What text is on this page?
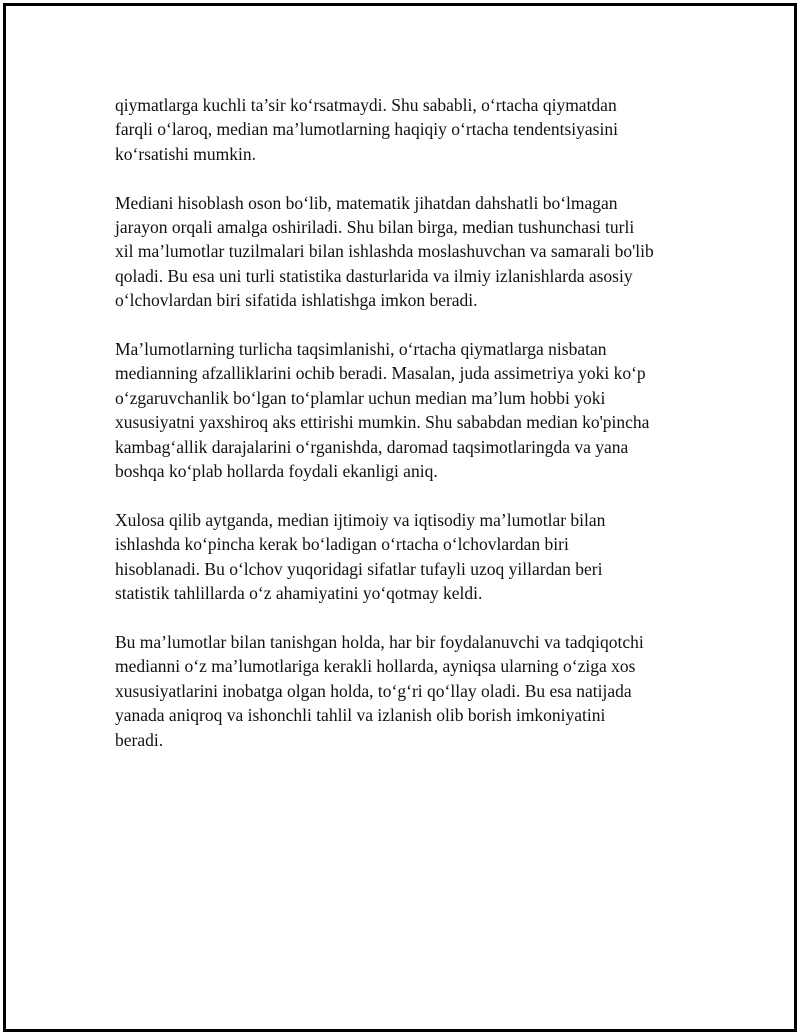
qiymatlarga kuchli ta’sir ko‘rsatmaydi. Shu sababli, o‘rtacha qiymatdan
farqli o‘laroq, median ma’lumotlarning haqiqiy o‘rtacha tendentsiyasini
ko‘rsatishi mumkin.

Medianі hisoblash oson bo‘lib, matematik jihatdan dahshatli bo‘lmagan
jarayon orqali amalga oshiriladi. Shu bilan birga, median tushunchasi turli
xil ma’lumotlar tuzilmalari bilan ishlashda moslashuvchan va samarali bo'lib
qoladi. Bu esa uni turli statistika dasturlarida va ilmiy izlanishlarda asosiy
o‘lchovlardan biri sifatida ishlatishga imkon beradi.

Ma’lumotlarning turlicha taqsimlanishi, o‘rtacha qiymatlarga nisbatan
medianning afzalliklarini ochib beradi. Masalan, juda assimetriya yoki ko‘p
o‘zgaruvchanlik bo‘lgan to‘plamlar uchun median ma’lum hobbi yoki
xususiyatni yaxshiroq aks ettirishi mumkin. Shu sababdan median ko'pincha
kambag‘allik darajalarini o‘rganishda, daromad taqsimotlaringda va yana
boshqa ko‘plab hollarda foydali ekanligi aniq.

Xulosa qilib aytganda, median ijtimoiy va iqtisodiy ma’lumotlar bilan
ishlashda ko‘pincha kerak bo‘ladigan o‘rtacha o‘lchovlardan biri
hisoblanadi. Bu o‘lchov yuqoridagi sifatlar tufayli uzoq yillardan beri
statistik tahlillarda o‘z ahamiyatini yo‘qotmay keldi.

Bu ma’lumotlar bilan tanishgan holda, har bir foydalanuvchi va tadqiqotchi
medianni o‘z ma’lumotlariga kerakli hollarda, ayniqsa ularning o‘ziga xos
xususiyatlarini inobatga olgan holda, to‘g‘ri qo‘llay oladi. Bu esa natijada
yanada aniqroq va ishonchli tahlil va izlanish olib borish imkoniyatini
beradi.
